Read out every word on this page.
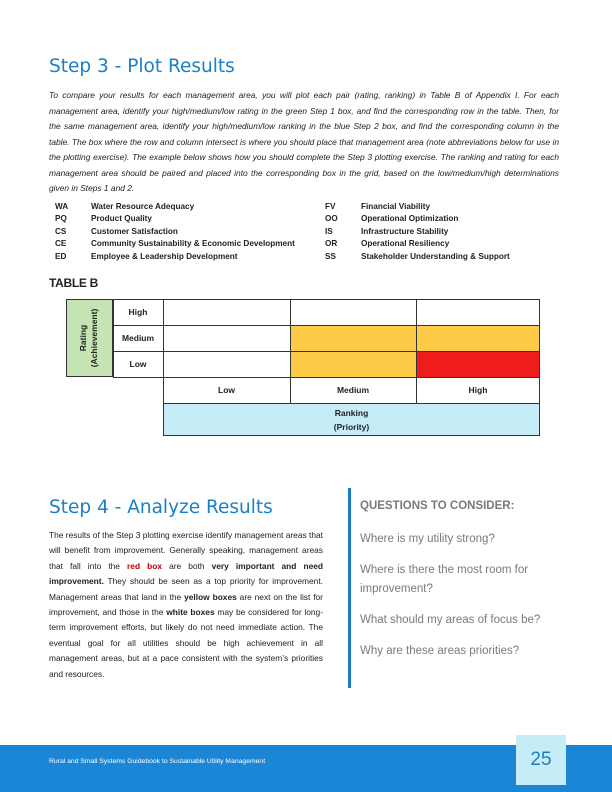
Step 3 - Plot Results

To compare your results for each management area, you will plot each pair (rating, ranking) in Table B of Appendix I. For each management area, identify your high/medium/low rating in the green Step 1 box, and find the corresponding row in the table. Then, for the same management area, identify your high/medium/low ranking in the blue Step 2 box, and find the corresponding column in the table. The box where the row and column intersect is where you should place that management area (note abbreviations below for use in the plotting exercise). The example below shows how you should complete the Step 3 plotting exercise. The ranking and rating for each management area should be paired and placed into the corresponding box in the grid, based on the low/medium/high determinations given in Steps 1 and 2.

WA	Water Resource Adequacy
PQ	Product Quality
CS	Customer Satisfaction
CE	Community Sustainability & Economic Development
ED	Employee & Leadership Development
FV	Financial Viability
OO	Operational Optimization
IS	Infrastructure Stability
OR	Operational Resiliency
SS	Stakeholder Understanding & Support
TABLE B
Rating (Achievement)	High
Medium
Low
Low	Medium	High
Ranking
(Priority)
Step 4 - Analyze Results

The results of the Step 3 plotting exercise identify management areas that will benefit from improvement. Generally speaking, management areas that fall into the red box are both very important and need improvement. They should be seen as a top priority for improvement. Management areas that land in the yellow boxes are next on the list for improvement, and those in the white boxes may be considered for long-term improvement efforts, but likely do not need immediate action. The eventual goal for all utilities should be high achievement in all management areas, but at a pace consistent with the system’s priorities and resources.

QUESTIONS TO CONSIDER:

Where is my utility strong?

Where is there the most room for improvement?

What should my areas of focus be?

Why are these areas priorities?

Rural and Small Systems Guidebook to Sustainable Utility Management	25
